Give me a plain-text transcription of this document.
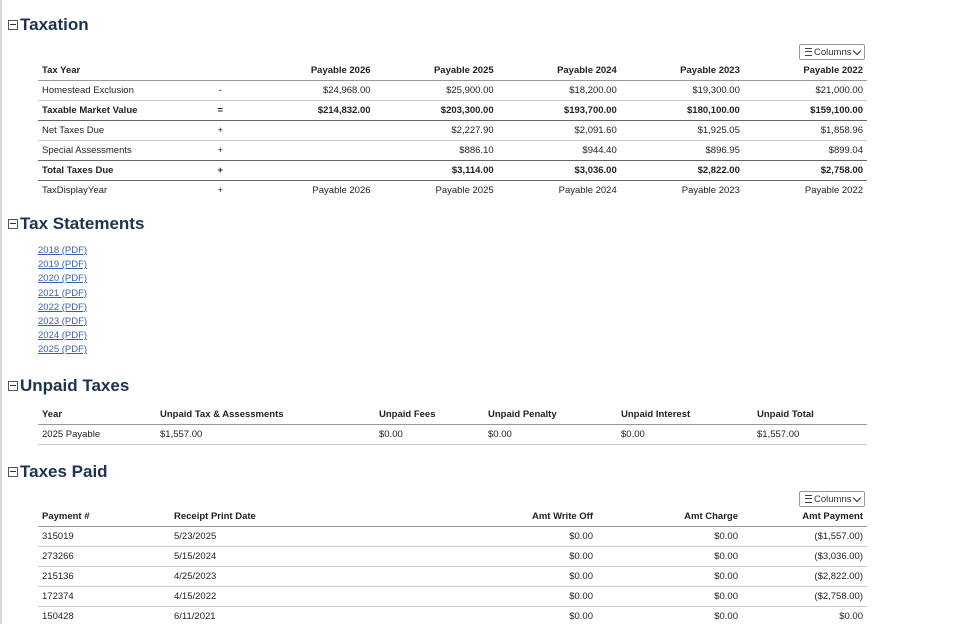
Taxation
Columns
Tax Year		Payable 2026	Payable 2025	Payable 2024	Payable 2023	Payable 2022
Homestead Exclusion	-	$24,968.00	$25,900.00	$18,200.00	$19,300.00	$21,000.00
Taxable Market Value	=	$214,832.00	$203,300.00	$193,700.00	$180,100.00	$159,100.00
Net Taxes Due	+		$2,227.90	$2,091.60	$1,925.05	$1,858.96
Special Assessments	+		$886.10	$944.40	$896.95	$899.04
Total Taxes Due	+		$3,114.00	$3,036.00	$2,822.00	$2,758.00
TaxDisplayYear	+	Payable 2026	Payable 2025	Payable 2024	Payable 2023	Payable 2022
Tax Statements
2018 (PDF)
2019 (PDF)
2020 (PDF)
2021 (PDF)
2022 (PDF)
2023 (PDF)
2024 (PDF)
2025 (PDF)
Unpaid Taxes
Year	Unpaid Tax & Assessments	Unpaid Fees	Unpaid Penalty	Unpaid Interest	Unpaid Total
2025 Payable	$1,557.00	$0.00	$0.00	$0.00	$1,557.00
Taxes Paid
Columns
Payment #	Receipt Print Date	Amt Write Off	Amt Charge	Amt Payment
315019	5/23/2025	$0.00	$0.00	($1,557.00)
273266	5/15/2024	$0.00	$0.00	($3,036.00)
215136	4/25/2023	$0.00	$0.00	($2,822.00)
172374	4/15/2022	$0.00	$0.00	($2,758.00)
150428	6/11/2021	$0.00	$0.00	$0.00
